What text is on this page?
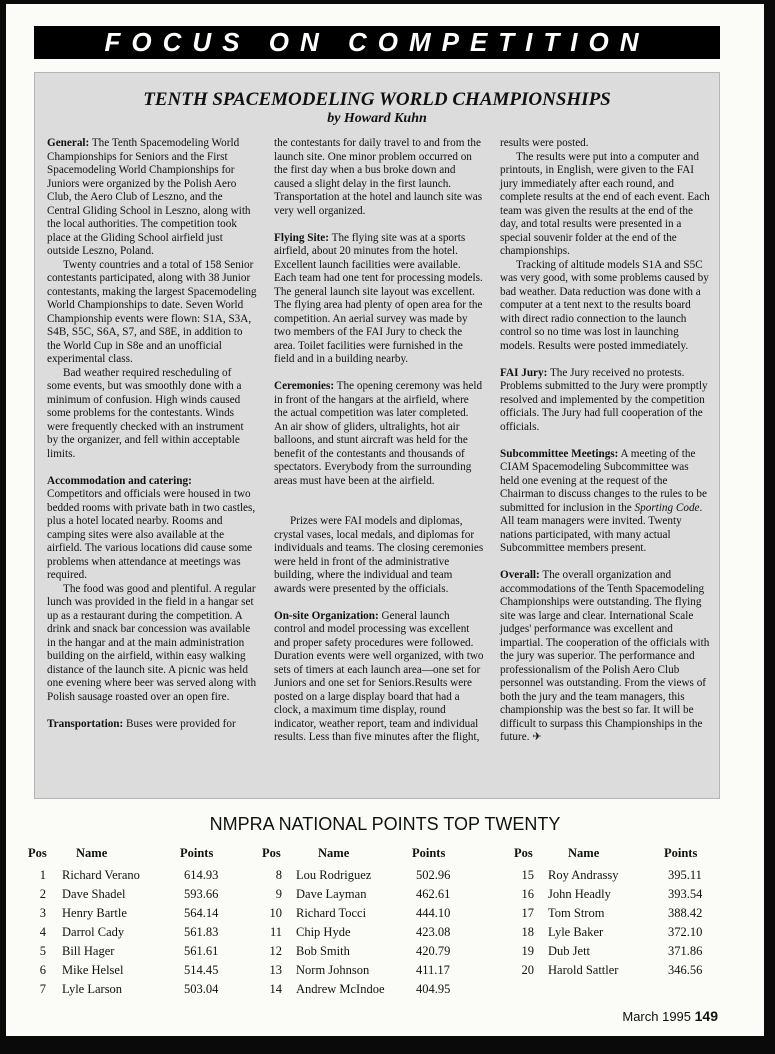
FOCUS ON COMPETITION
TENTH SPACEMODELING WORLD CHAMPIONSHIPS
by Howard Kuhn

General: The Tenth Spacemodeling World Championships for Seniors and the First Spacemodeling World Championships for Juniors were organized by the Polish Aero Club, the Aero Club of Leszno, and the Central Gliding School in Leszno, along with the local authorities. The competition took place at the Gliding School airfield just outside Leszno, Poland.

Twenty countries and a total of 158 Senior contestants participated, along with 38 Junior contestants, making the largest Spacemodeling World Championships to date. Seven World Championship events were flown: S1A, S3A, S4B, S5C, S6A, S7, and S8E, in addition to the World Cup in S8e and an unofficial experimental class.

Bad weather required rescheduling of some events, but was smoothly done with a minimum of confusion. High winds caused some problems for the contestants. Winds were frequently checked with an instrument by the organizer, and fell within acceptable limits.

Accommodation and catering:

Competitors and officials were housed in two bedded rooms with private bath in two castles, plus a hotel located nearby. Rooms and camping sites were also available at the airfield. The various locations did cause some problems when attendance at meetings was required.

The food was good and plentiful. A regular lunch was provided in the field in a hangar set up as a restaurant during the competition. A drink and snack bar concession was available in the hangar and at the main administration building on the airfield, within easy walking distance of the launch site. A picnic was held one evening where beer was served along with Polish sausage roasted over an open fire.

Transportation: Buses were provided for

the contestants for daily travel to and from the launch site. One minor problem occurred on the first day when a bus broke down and caused a slight delay in the first launch. Transportation at the hotel and launch site was very well organized.

Flying Site: The flying site was at a sports airfield, about 20 minutes from the hotel. Excellent launch facilities were available. Each team had one tent for processing models. The general launch site layout was excellent. The flying area had plenty of open area for the competition. An aerial survey was made by two members of the FAI Jury to check the area. Toilet facilities were furnished in the field and in a building nearby.

Ceremonies: The opening ceremony was held in front of the hangars at the airfield, where the actual competition was later completed. An air show of gliders, ultralights, hot air balloons, and stunt aircraft was held for the benefit of the contestants and thousands of spectators. Everybody from the surrounding areas must have been at the airfield.

Prizes were FAI models and diplomas, crystal vases, local medals, and diplomas for individuals and teams. The closing ceremonies were held in front of the administrative building, where the individual and team awards were presented by the officials.

On-site Organization: General launch control and model processing was excellent and proper safety procedures were followed. Duration events were well organized, with two sets of timers at each launch area—one set for Juniors and one set for Seniors.Results were posted on a large display board that had a clock, a maximum time display, round indicator, weather report, team and individual results. Less than five minutes after the flight,

results were posted.

The results were put into a computer and printouts, in English, were given to the FAI jury immediately after each round, and complete results at the end of each event. Each team was given the results at the end of the day, and total results were presented in a special souvenir folder at the end of the championships.

Tracking of altitude models S1A and S5C was very good, with some problems caused by bad weather. Data reduction was done with a computer at a tent next to the results board with direct radio connection to the launch control so no time was lost in launching models. Results were posted immediately.

FAI Jury: The Jury received no protests. Problems submitted to the Jury were promptly resolved and implemented by the competition officials. The Jury had full cooperation of the officials.

Subcommittee Meetings: A meeting of the CIAM Spacemodeling Subcommittee was held one evening at the request of the Chairman to discuss changes to the rules to be submitted for inclusion in the Sporting Code. All team managers were invited. Twenty nations participated, with many actual Subcommittee members present.

Overall: The overall organization and accommodations of the Tenth Spacemodeling Championships were outstanding. The flying site was large and clear. International Scale judges' performance was excellent and impartial. The cooperation of the officials with the jury was superior. The performance and professionalism of the Polish Aero Club personnel was outstanding. From the views of both the jury and the team managers, this championship was the best so far. It will be difficult to surpass this Championships in the future. ✈

NMPRA NATIONAL POINTS TOP TWENTY
Pos Name	Points
1 Richard Verano	614.93
2 Dave Shadel	593.66
3 Henry Bartle	564.14
4 Darrol Cady	561.83
5 Bill Hager	561.61
6 Mike Helsel	514.45
7 Lyle Larson	503.04
Pos	Name	Points
8 Lou Rodriguez	502.96
9 Dave Layman	462.61
10 Richard Tocci	444.10
11 Chip Hyde	423.08
12 Bob Smith	420.79
13 Norm Johnson	411.17
14 Andrew McIndoe	404.95
Pos	Name	Points
15 Roy Andrassy	395.11
16 John Headly	393.54
17 Tom Strom	388.42
18 Lyle Baker	372.10
19 Dub Jett	371.86
20 Harold Sattler	346.56
March 1995 149
